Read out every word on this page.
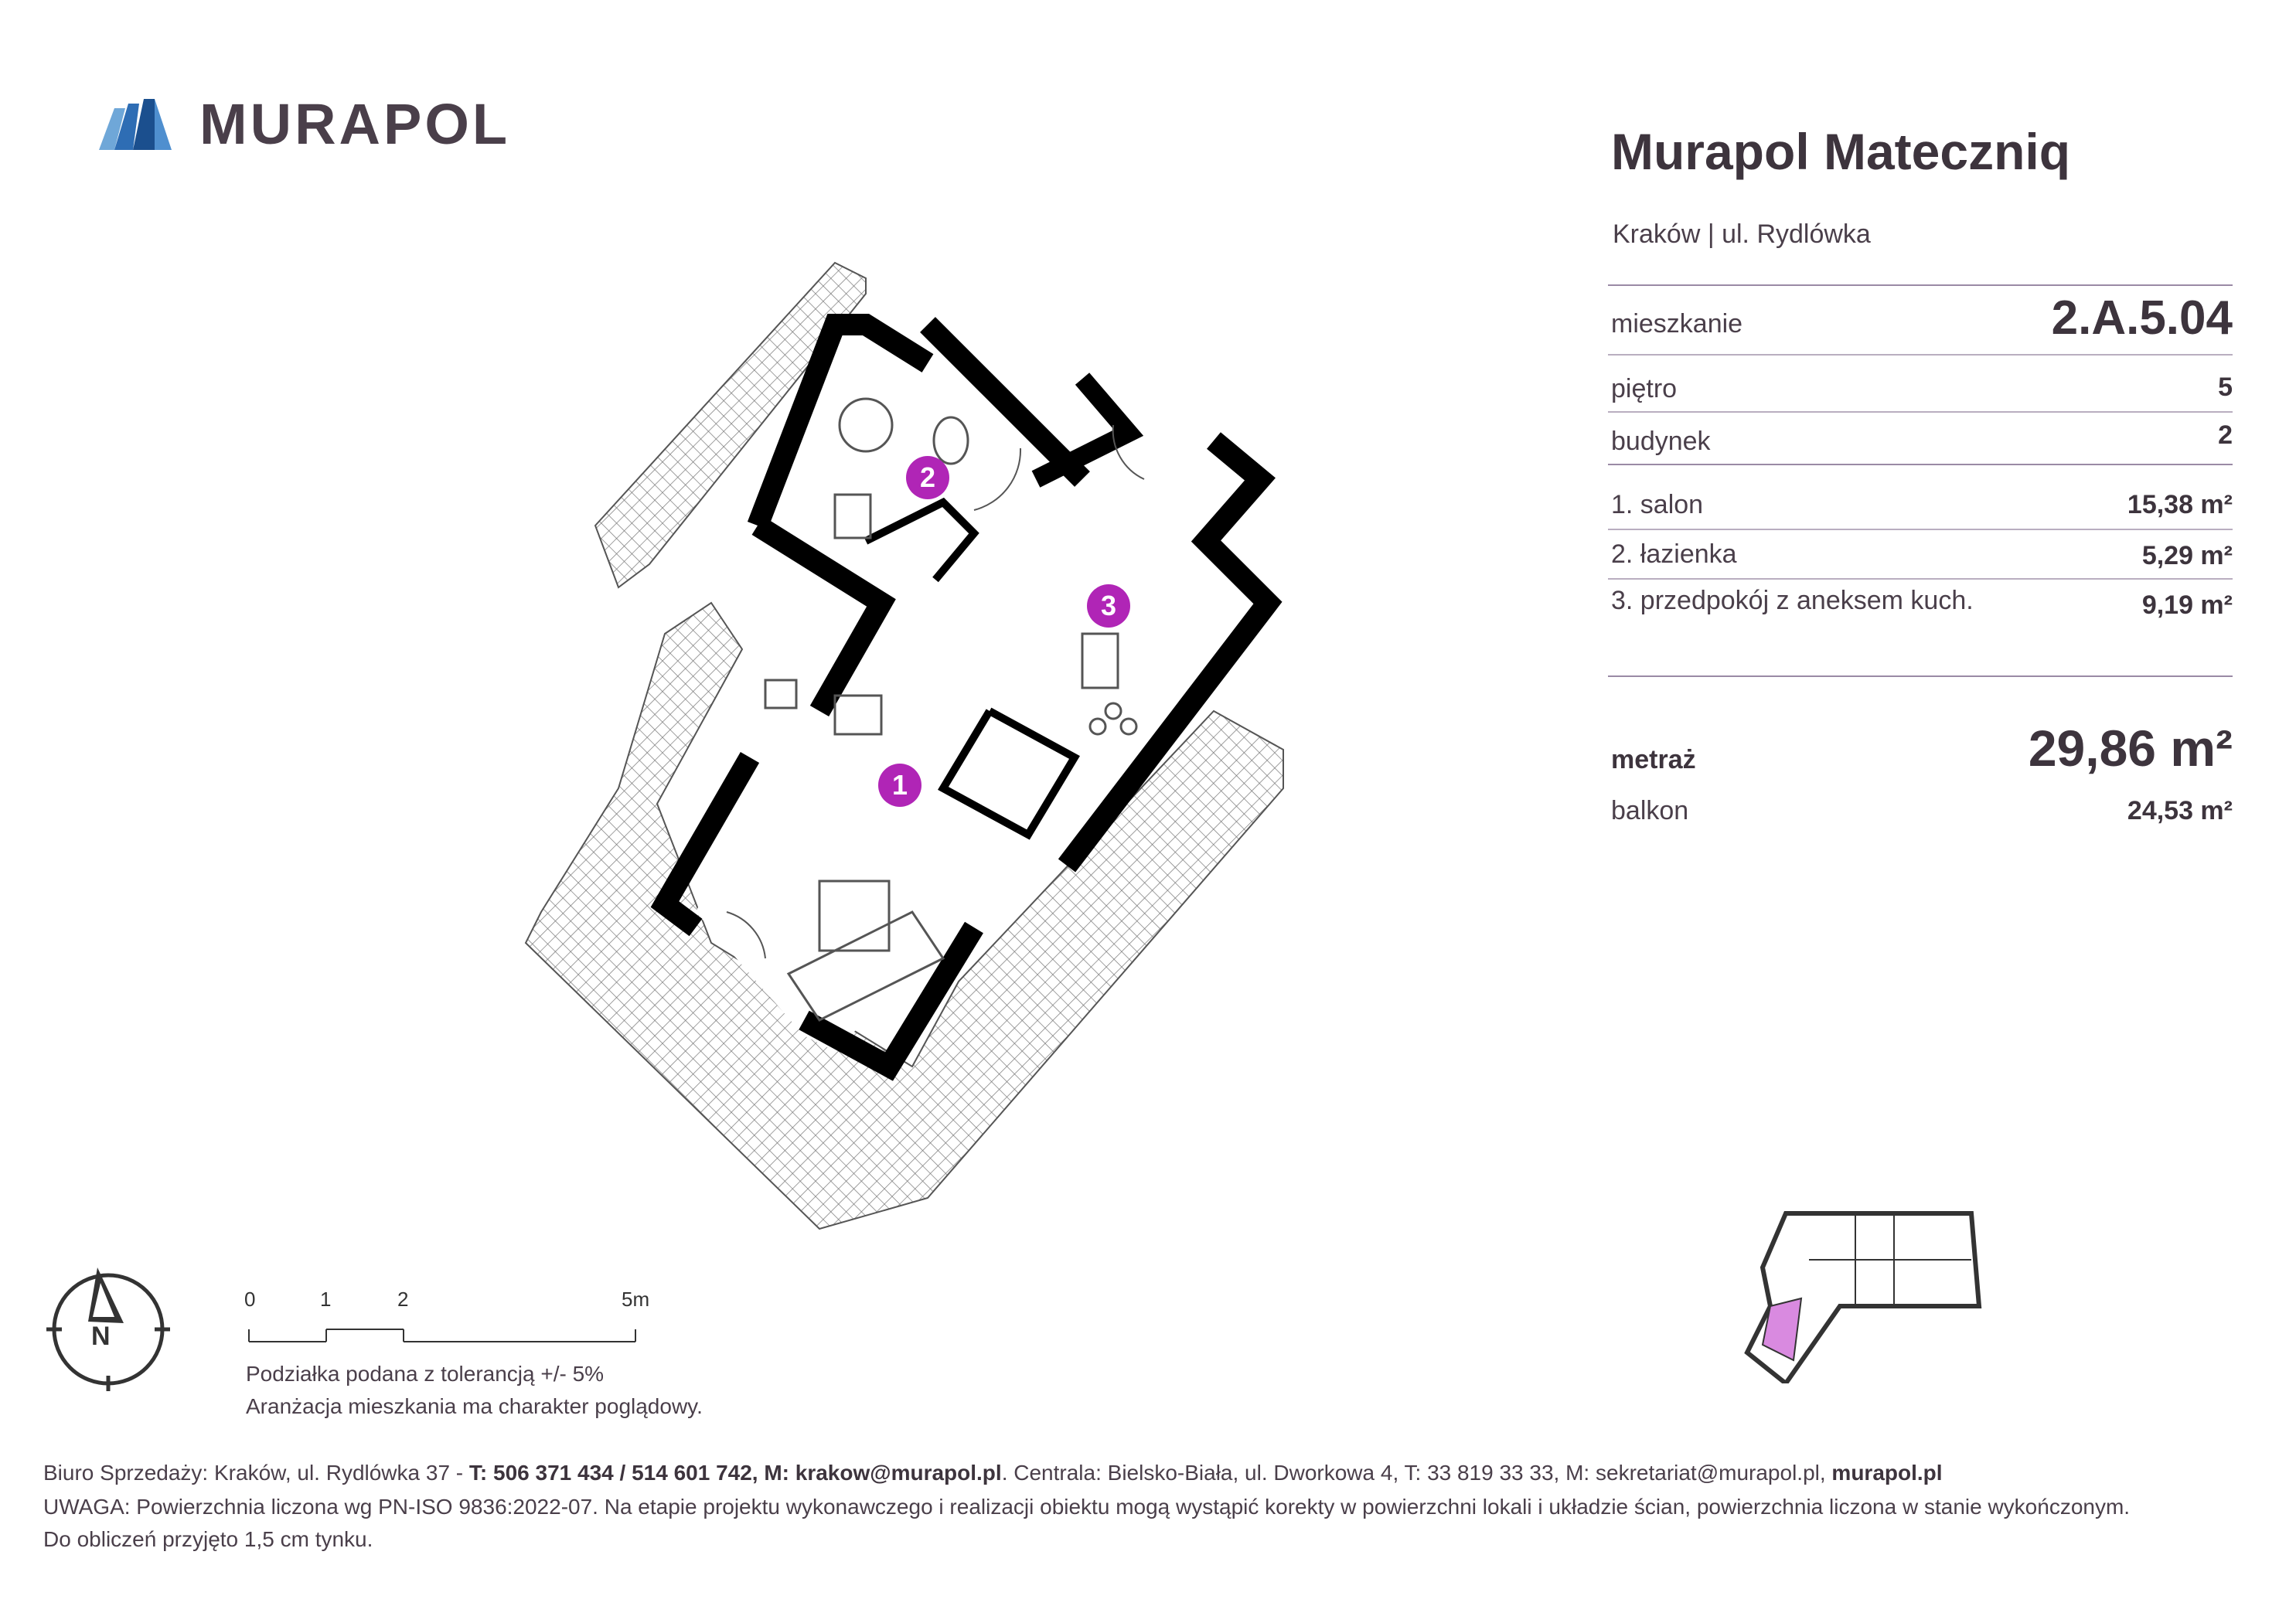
MURAPOL	Murapol Mateczniq
Kraków | ul. Rydlówka
mieszkanie	2.A.5.04
piętro	5
budynek	2
1. salon	15,38 m²
2. łazienka	5,29 m²
3. przedpokój z aneksem kuch.	9,19 m²
metraż	29,86 m²
balkon	24,53 m²
1
2
3
N
0	1	2	5m
Podziałka podana z tolerancją +/- 5%
Aranżacja mieszkania ma charakter poglądowy.
Biuro Sprzedaży: Kraków, ul. Rydlówka 37 - T: 506 371 434 / 514 601 742, M: krakow@murapol.pl. Centrala: Bielsko-Biała, ul. Dworkowa 4, T: 33 819 33 33, M: sekretariat@murapol.pl, murapol.pl
UWAGA: Powierzchnia liczona wg PN-ISO 9836:2022-07. Na etapie projektu wykonawczego i realizacji obiektu mogą wystąpić korekty w powierzchni lokali i układzie ścian, powierzchnia liczona w stanie wykończonym.
Do obliczeń przyjęto 1,5 cm tynku.
